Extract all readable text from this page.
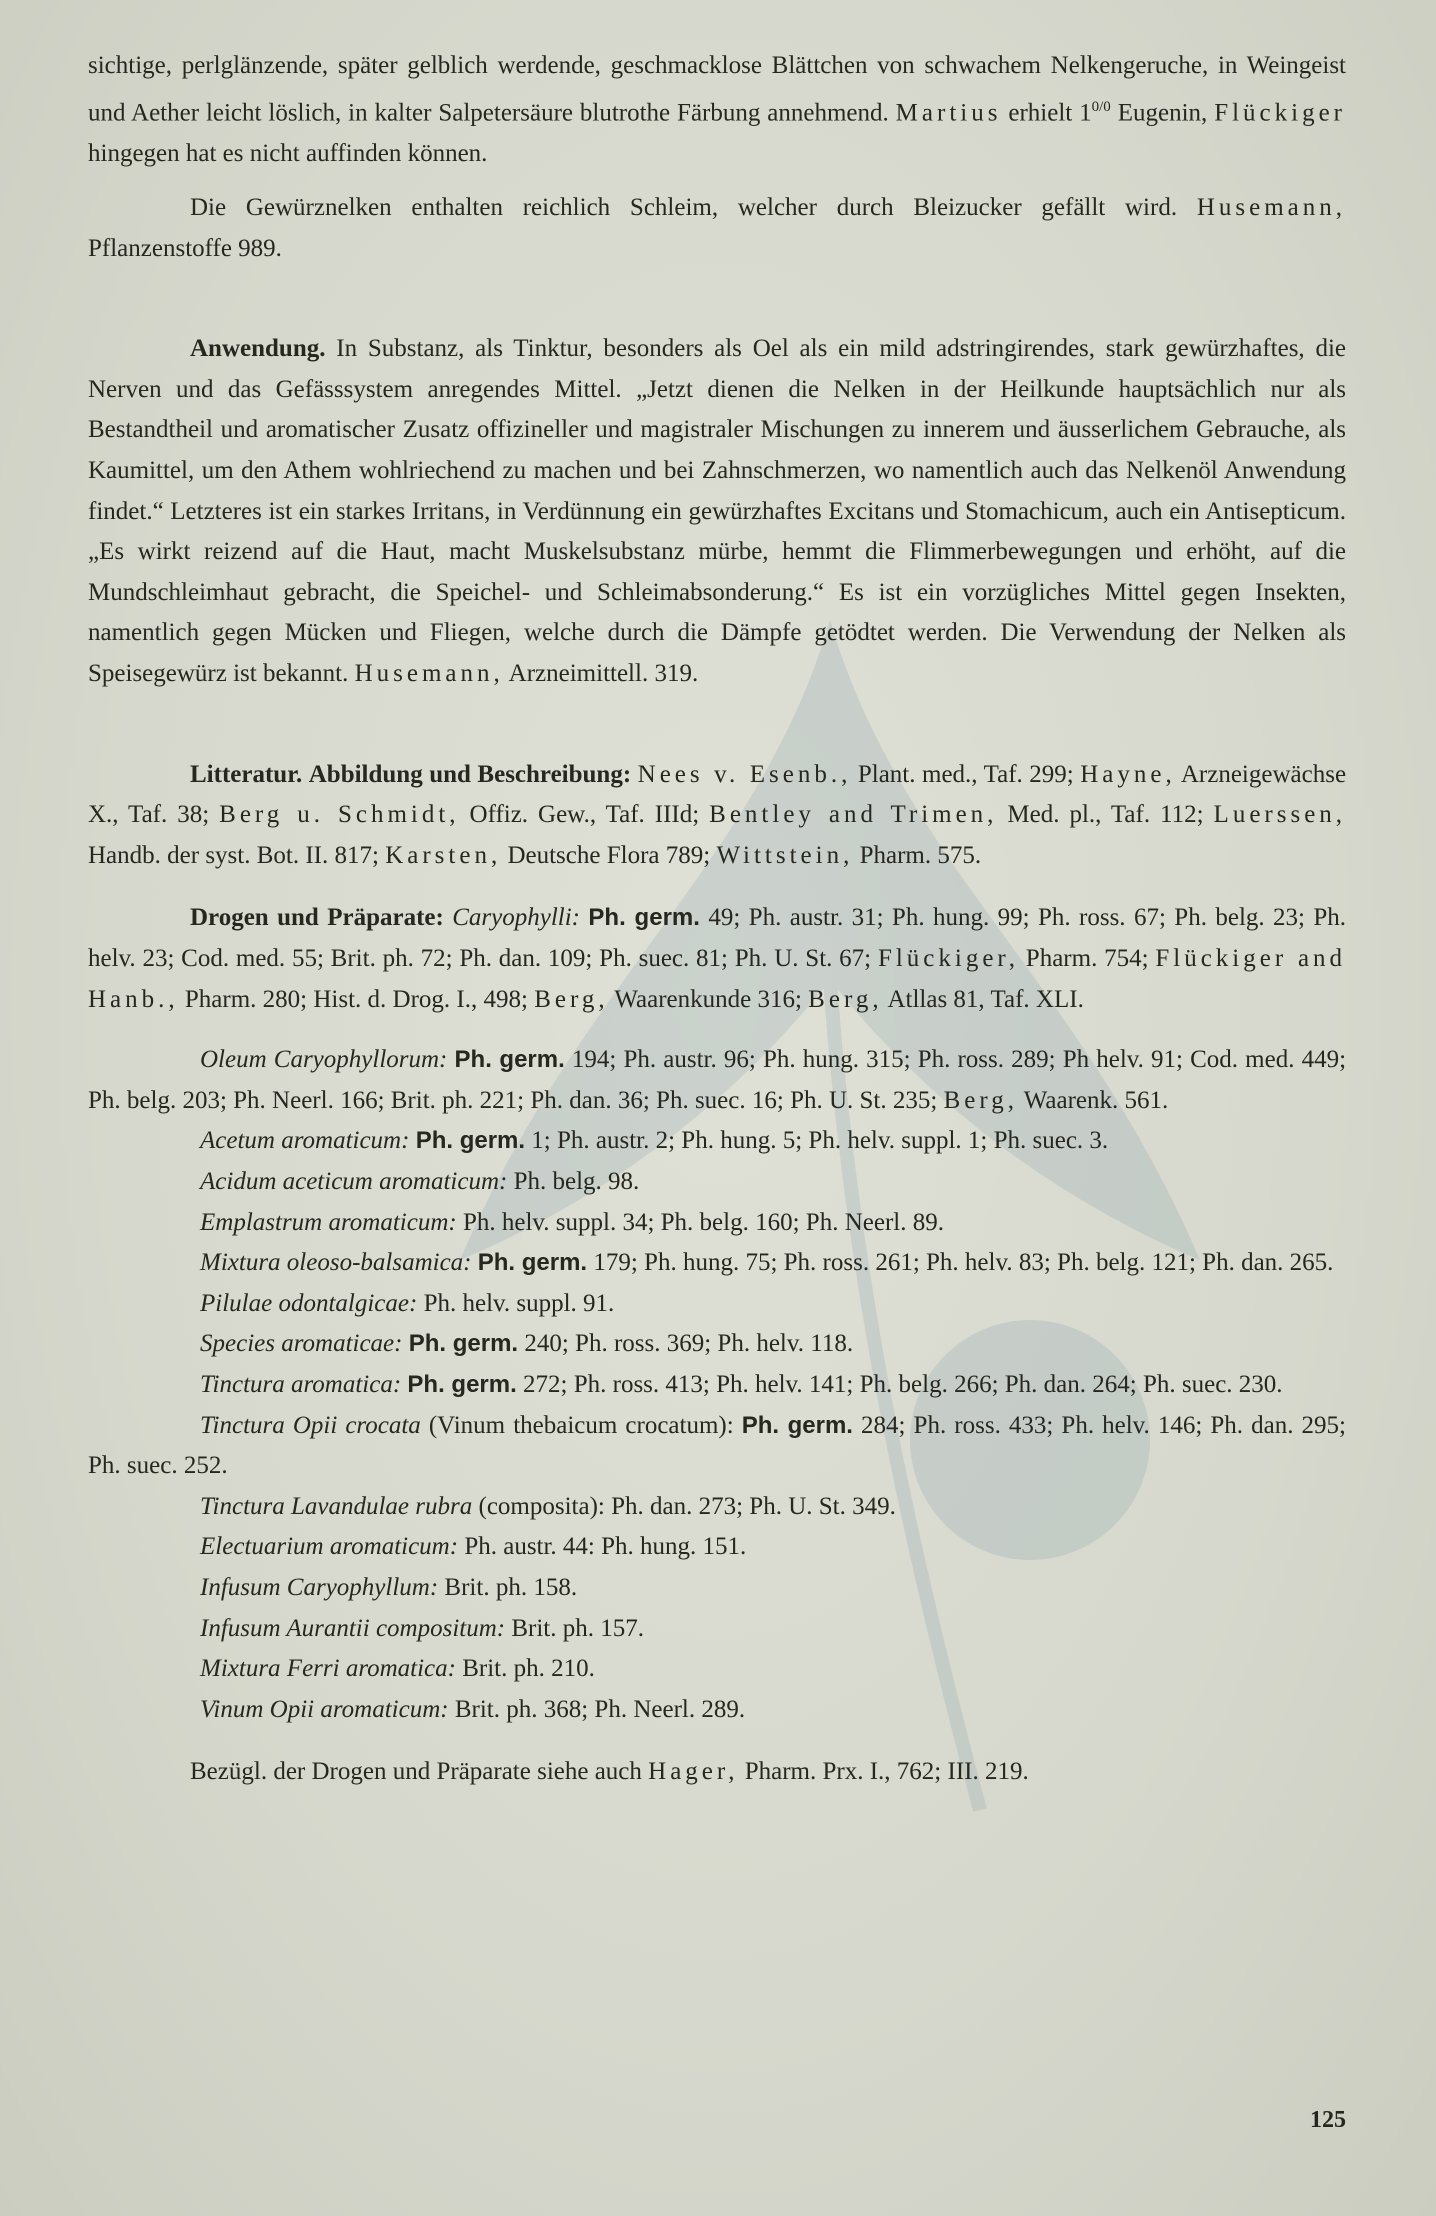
sichtige, perlglänzende, später gelblich werdende, geschmacklose Blättchen von schwachem Nelkengeruche, in Weingeist und Aether leicht löslich, in kalter Salpetersäure blutrothe Färbung annehmend. Martius erhielt $1^{0/0}$ Eugenin, Flückiger hingegen hat es nicht auffinden können.

Die Gewürznelken enthalten reichlich Schleim, welcher durch Bleizucker gefällt wird. Husemann, Pflanzenstoffe 989.

Anwendung. In Substanz, als Tinktur, besonders als Oel als ein mild adstringirendes, stark gewürzhaftes, die Nerven und das Gefässsystem anregendes Mittel. „Jetzt dienen die Nelken in der Heilkunde hauptsächlich nur als Bestandtheil und aromatischer Zusatz offizineller und magistraler Mischungen zu innerem und äusserlichem Gebrauche, als Kaumittel, um den Athem wohlriechend zu machen und bei Zahnschmerzen, wo namentlich auch das Nelkenöl Anwendung findet.“ Letzteres ist ein starkes Irritans, in Verdünnung ein gewürzhaftes Excitans und Stomachicum, auch ein Antisepticum. „Es wirkt reizend auf die Haut, macht Muskelsubstanz mürbe, hemmt die Flimmerbewegungen und erhöht, auf die Mundschleimhaut gebracht, die Speichel- und Schleimabsonderung.“ Es ist ein vorzügliches Mittel gegen Insekten, namentlich gegen Mücken und Fliegen, welche durch die Dämpfe getödtet werden. Die Verwendung der Nelken als Speisegewürz ist bekannt. Husemann, Arzneimittell. 319.

Litteratur. Abbildung und Beschreibung: Nees v. Esenb., Plant. med., Taf. 299; Hayne, Arzneigewächse X., Taf. 38; Berg u. Schmidt, Offiz. Gew., Taf. IIId; Bentley and Trimen, Med. pl., Taf. 112; Luerssen, Handb. der syst. Bot. II. 817; Karsten, Deutsche Flora 789; Wittstein, Pharm. 575.

Drogen und Präparate: Caryophylli: Ph. germ. 49; Ph. austr. 31; Ph. hung. 99; Ph. ross. 67; Ph. belg. 23; Ph. helv. 23; Cod. med. 55; Brit. ph. 72; Ph. dan. 109; Ph. suec. 81; Ph. U. St. 67; Flückiger, Pharm. 754; Flückiger and Hanb., Pharm. 280; Hist. d. Drog. I., 498; Berg, Waarenkunde 316; Berg, Atllas 81, Taf. XLI.

Oleum Caryophyllorum: Ph. germ. 194; Ph. austr. 96; Ph. hung. 315; Ph. ross. 289; Ph helv. 91; Cod. med. 449; Ph. belg. 203; Ph. Neerl. 166; Brit. ph. 221; Ph. dan. 36; Ph. suec. 16; Ph. U. St. 235; Berg, Waarenk. 561.

Acetum aromaticum: Ph. germ. 1; Ph. austr. 2; Ph. hung. 5; Ph. helv. suppl. 1; Ph. suec. 3.

Acidum aceticum aromaticum: Ph. belg. 98.

Emplastrum aromaticum: Ph. helv. suppl. 34; Ph. belg. 160; Ph. Neerl. 89.

Mixtura oleoso-balsamica: Ph. germ. 179; Ph. hung. 75; Ph. ross. 261; Ph. helv. 83; Ph. belg. 121; Ph. dan. 265.

Pilulae odontalgicae: Ph. helv. suppl. 91.

Species aromaticae: Ph. germ. 240; Ph. ross. 369; Ph. helv. 118.

Tinctura aromatica: Ph. germ. 272; Ph. ross. 413; Ph. helv. 141; Ph. belg. 266; Ph. dan. 264; Ph. suec. 230.

Tinctura Opii crocata (Vinum thebaicum crocatum): Ph. germ. 284; Ph. ross. 433; Ph. helv. 146; Ph. dan. 295; Ph. suec. 252.

Tinctura Lavandulae rubra (composita): Ph. dan. 273; Ph. U. St. 349.

Electuarium aromaticum: Ph. austr. 44: Ph. hung. 151.

Infusum Caryophyllum: Brit. ph. 158.

Infusum Aurantii compositum: Brit. ph. 157.

Mixtura Ferri aromatica: Brit. ph. 210.

Vinum Opii aromaticum: Brit. ph. 368; Ph. Neerl. 289.

Bezügl. der Drogen und Präparate siehe auch Hager, Pharm. Prx. I., 762; III. 219.

125
